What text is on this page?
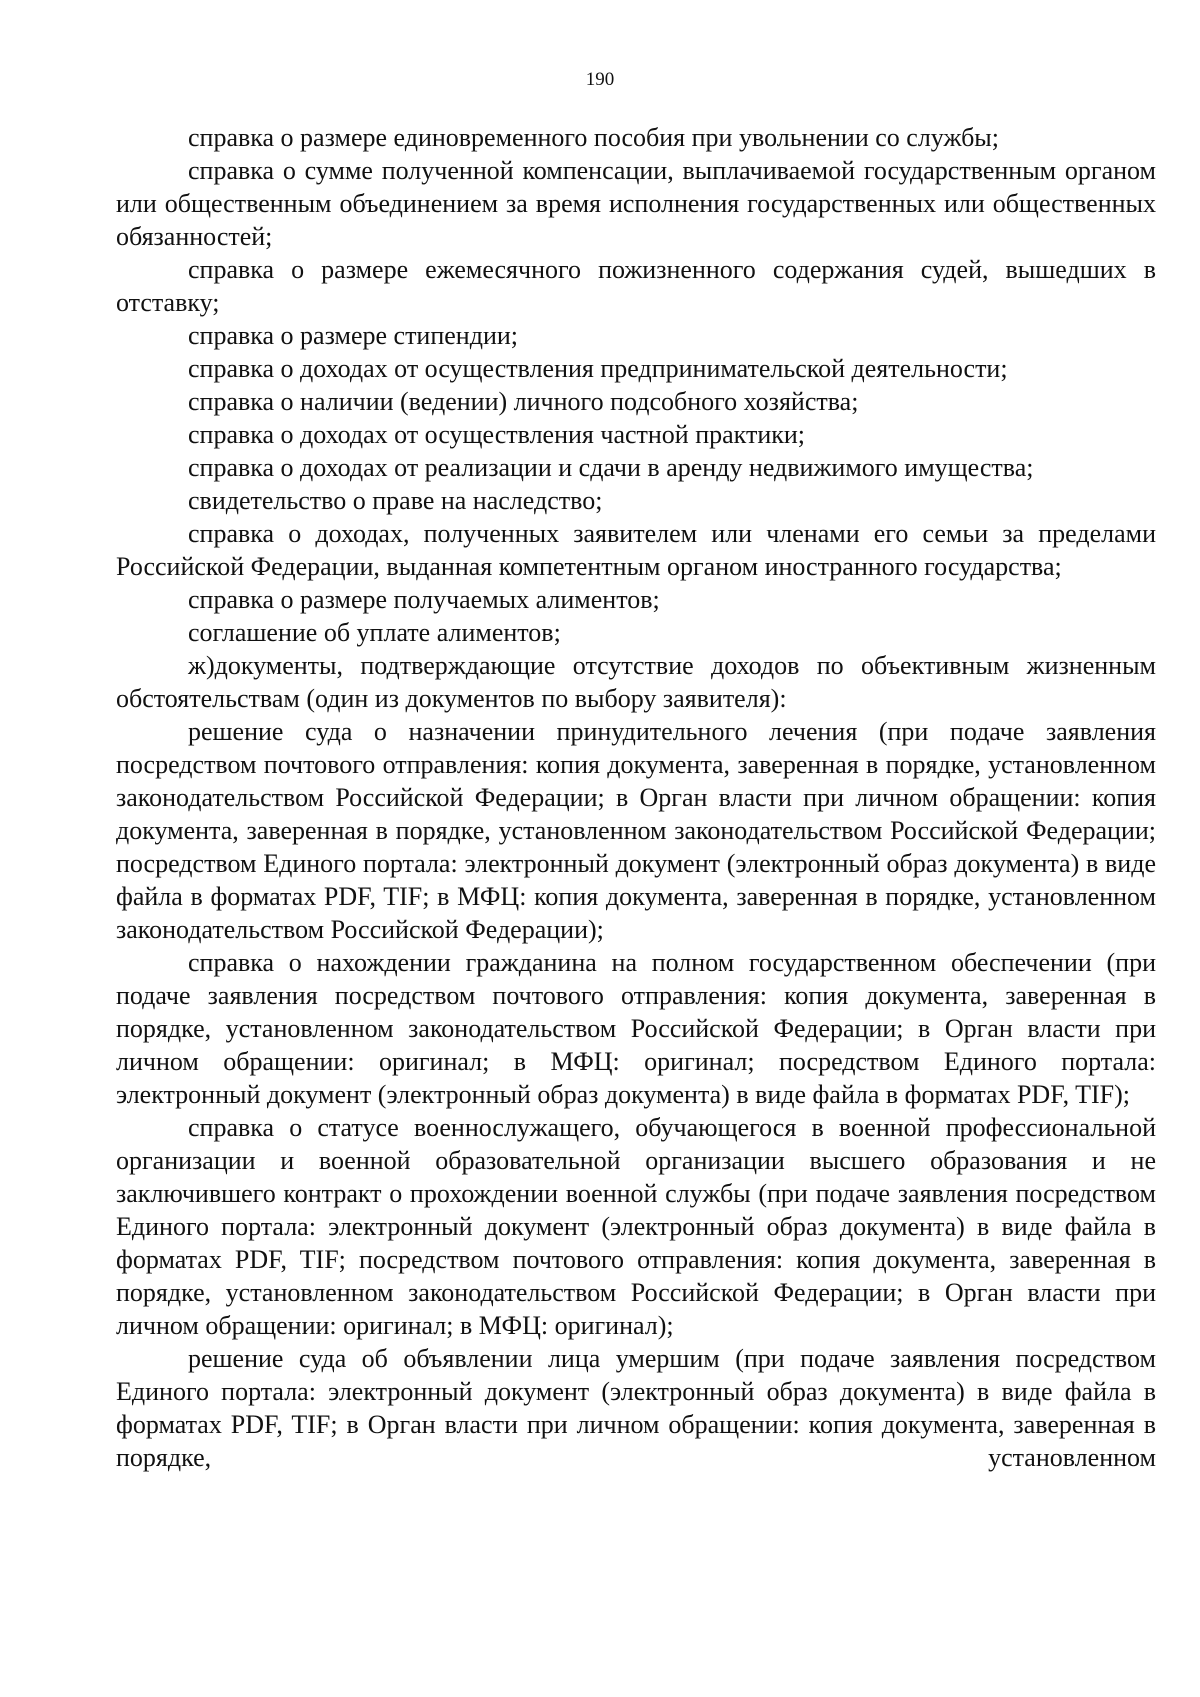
190

справка о размере единовременного пособия при увольнении со службы;

справка о сумме полученной компенсации, выплачиваемой государственным органом или общественным объединением за время исполнения государственных или общественных обязанностей;

справка о размере ежемесячного пожизненного содержания судей, вышедших в отставку;

справка о размере стипендии;

справка о доходах от осуществления предпринимательской деятельности;

справка о наличии (ведении) личного подсобного хозяйства;

справка о доходах от осуществления частной практики;

справка о доходах от реализации и сдачи в аренду недвижимого имущества;

свидетельство о праве на наследство;

справка о доходах, полученных заявителем или членами его семьи за пределами Российской Федерации, выданная компетентным органом иностранного государства;

справка о размере получаемых алиментов;

соглашение об уплате алиментов;

ж)документы, подтверждающие отсутствие доходов по объективным жизненным обстоятельствам (один из документов по выбору заявителя):

решение суда о назначении принудительного лечения (при подаче заявления посредством почтового отправления: копия документа, заверенная в порядке, установленном законодательством Российской Федерации; в Орган власти при личном обращении: копия документа, заверенная в порядке, установленном законодательством Российской Федерации; посредством Единого портала: электронный документ (электронный образ документа) в виде файла в форматах PDF, TIF; в МФЦ: копия документа, заверенная в порядке, установленном законодательством Российской Федерации);

справка о нахождении гражданина на полном государственном обеспечении (при подаче заявления посредством почтового отправления: копия документа, заверенная в порядке, установленном законодательством Российской Федерации; в Орган власти при личном обращении: оригинал; в МФЦ: оригинал; посредством Единого портала: электронный документ (электронный образ документа) в виде файла в форматах PDF, TIF);

справка о статусе военнослужащего, обучающегося в военной профессиональной организации и военной образовательной организации высшего образования и не заключившего контракт о прохождении военной службы (при подаче заявления посредством Единого портала: электронный документ (электронный образ документа) в виде файла в форматах PDF, TIF; посредством почтового отправления: копия документа, заверенная в порядке, установленном законодательством Российской Федерации; в Орган власти при личном обращении: оригинал; в МФЦ: оригинал);

решение суда об объявлении лица умершим (при подаче заявления посредством Единого портала: электронный документ (электронный образ документа) в виде файла в форматах PDF, TIF; в Орган власти при личном обращении: копия документа, заверенная в порядке, установленном
